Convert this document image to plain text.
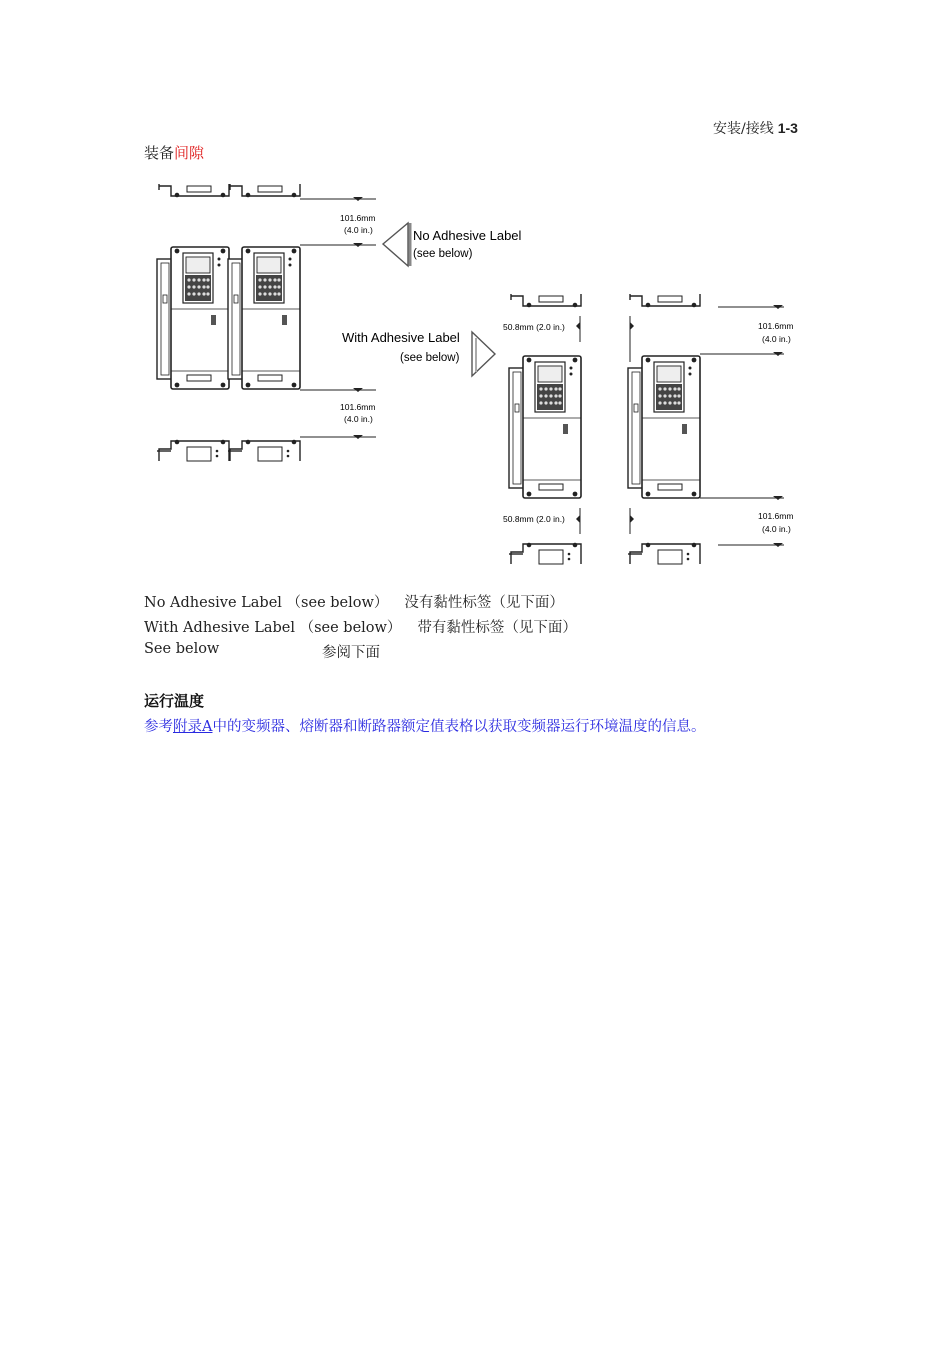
安装/接线 1-3
装备间隙
101.6mm
(4.0 in.)
101.6mm
(4.0 in.)
No Adhesive Label
(see below)
With Adhesive Label
(see below)
50.8mm (2.0 in.)
50.8mm (2.0 in.)
101.6mm
(4.0 in.)
101.6mm
(4.0 in.)
No Adhesive Label （see below） 没有黏性标签（见下面）
With Adhesive Label （see below） 带有黏性标签（见下面）
See below	参阅下面
运行温度
参考附录A中的变频器、熔断器和断路器额定值表格以获取变频器运行环境温度的信息。
